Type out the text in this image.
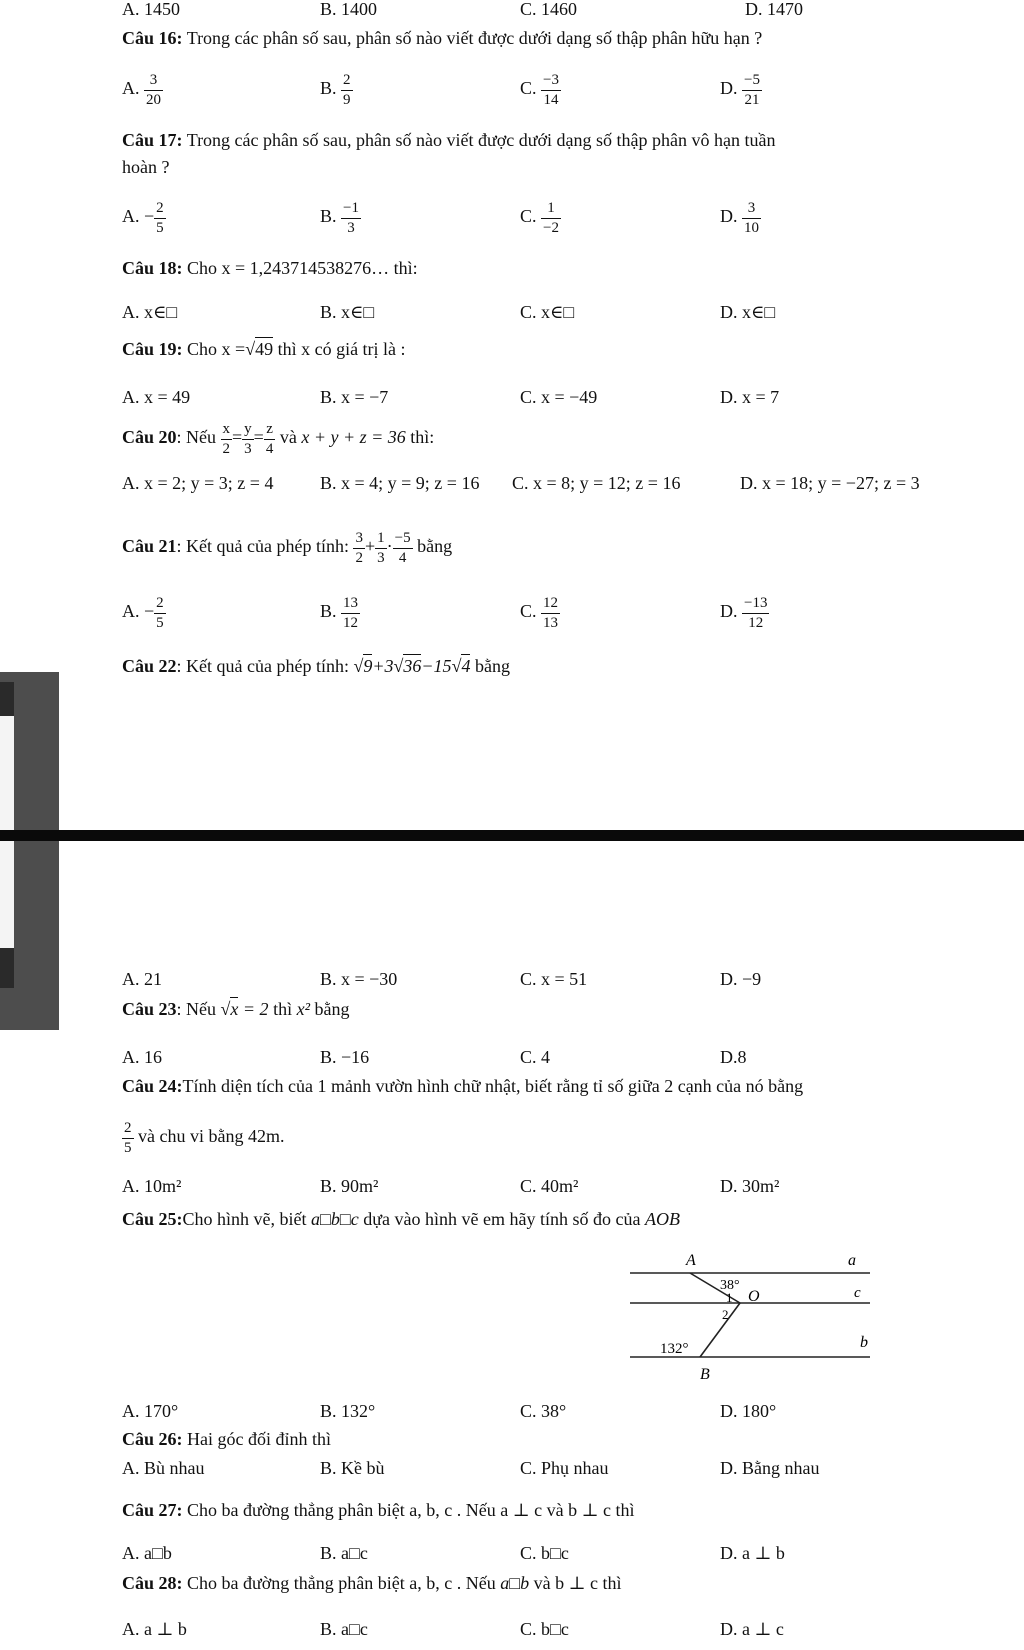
A. 1450	B. 1400	C. 1460	D. 1470
Câu 16: Trong các phân số sau, phân số nào viết được dưới dạng số thập phân hữu hạn ?
A. $\frac{3}{20}$	B. $\frac{2}{9}$	C. $\frac{-3}{14}$	D. $\frac{-5}{21}$
Câu 17: Trong các phân số sau, phân số nào viết được dưới dạng số thập phân vô hạn tuần
hoàn ?
A. − $\frac{2}{5}$	B. $\frac{-1}{3}$	C. $\frac{1}{-2}$	D. $\frac{3}{10}$
Câu 18: Cho x = 1,243714538276… thì:
A. x∈□	B. x∈□	C. x∈□	D. x∈□
Câu 19: Cho x =√49 thì x có giá trị là :
A. x = 49	B. x = −7	C. x = −49	D. x = 7
Câu 20: Nếu $\frac{x}{2} = \frac{y}{3} = \frac{z}{4}$ và x + y + z = 36 thì:
A. x = 2; y = 3; z = 4	B. x = 4; y = 9; z = 16 C. x = 8; y = 12; z = 16	D. x = 18; y = −27; z = 3
Câu 21: Kết quả của phép tính: $\frac{3}{2} + \frac{1}{3} \cdot \frac{-5}{4}$ bằng
A. − $\frac{2}{5}$	B. $\frac{13}{12}$	C. $\frac{12}{13}$	D. $\frac{-13}{12}$
Câu 22: Kết quả của phép tính: √9+3√36−15√4 bằng
A. 21	B. x = −30	C. x = 51	D. −9
Câu 23: Nếu √x = 2 thì x² bằng
A. 16	B. −16	C. 4	D.8
Câu 24:Tính diện tích của 1 mảnh vườn hình chữ nhật, biết rằng tỉ số giữa 2 cạnh của nó bằng
$\frac{2}{5}$ và chu vi bằng 42m.
A. 10m²	B. 90m²	C. 40m²	D. 30m²
Câu 25:Cho hình vẽ, biết a□b□c dựa vào hình vẽ em hãy tính số đo của AOB
A	a
38°
1 O	c
2
132°	b
B
A. 170°	B. 132°	C. 38°	D. 180°
Câu 26: Hai góc đối đỉnh thì
A. Bù nhau	B. Kề bù	C. Phụ nhau	D. Bằng nhau
Câu 27: Cho ba đường thẳng phân biệt a, b, c . Nếu a ⊥ c và b ⊥ c thì
A. a□b	B. a□c	C. b□c	D. a ⊥ b
Câu 28: Cho ba đường thẳng phân biệt a, b, c . Nếu a□b và b ⊥ c thì
A. a ⊥ b	B. a□c	C. b□c	D. a ⊥ c
